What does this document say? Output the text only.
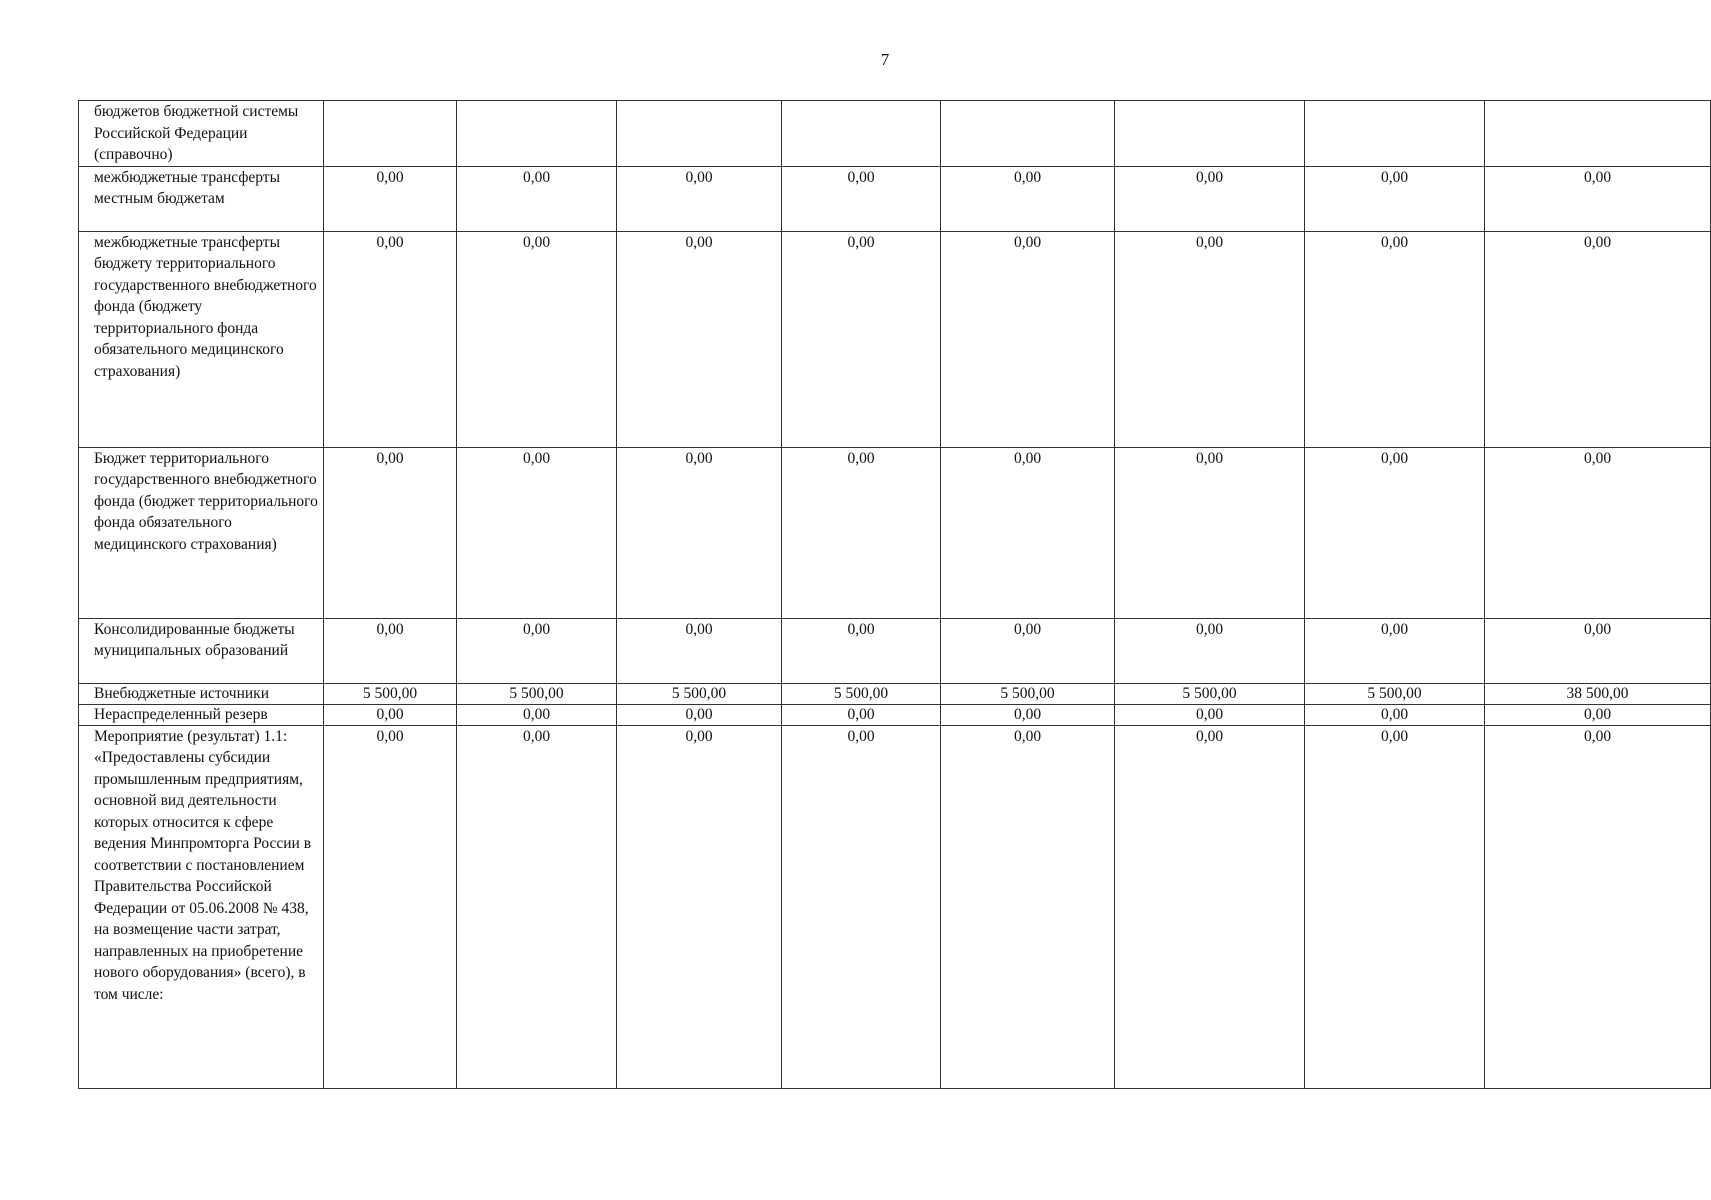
7
бюджетов бюджетной системы Российской Федерации (справочно)								
межбюджетные трансферты местным бюджетам	0,00	0,00	0,00	0,00	0,00	0,00	0,00	0,00
межбюджетные трансферты бюджету территориального государственного внебюджетного фонда (бюджету территориального фонда обязательного медицинского страхования)	0,00	0,00	0,00	0,00	0,00	0,00	0,00	0,00
Бюджет территориального государственного внебюджетного фонда (бюджет территориального фонда обязательного медицинского страхования)	0,00	0,00	0,00	0,00	0,00	0,00	0,00	0,00
Консолидированные бюджеты муниципальных образований	0,00	0,00	0,00	0,00	0,00	0,00	0,00	0,00
Внебюджетные источники	5 500,00	5 500,00	5 500,00	5 500,00	5 500,00	5 500,00	5 500,00	38 500,00
Нераспределенный резерв	0,00	0,00	0,00	0,00	0,00	0,00	0,00	0,00
Мероприятие (результат) 1.1: «Предоставлены субсидии промышленным предприятиям, основной вид деятельности которых относится к сфере ведения Минпромторга России в соответствии с постановлением Правительства Российской Федерации от 05.06.2008 № 438, на возмещение части затрат, направленных на приобретение нового оборудования» (всего), в том числе:	0,00	0,00	0,00	0,00	0,00	0,00	0,00	0,00
